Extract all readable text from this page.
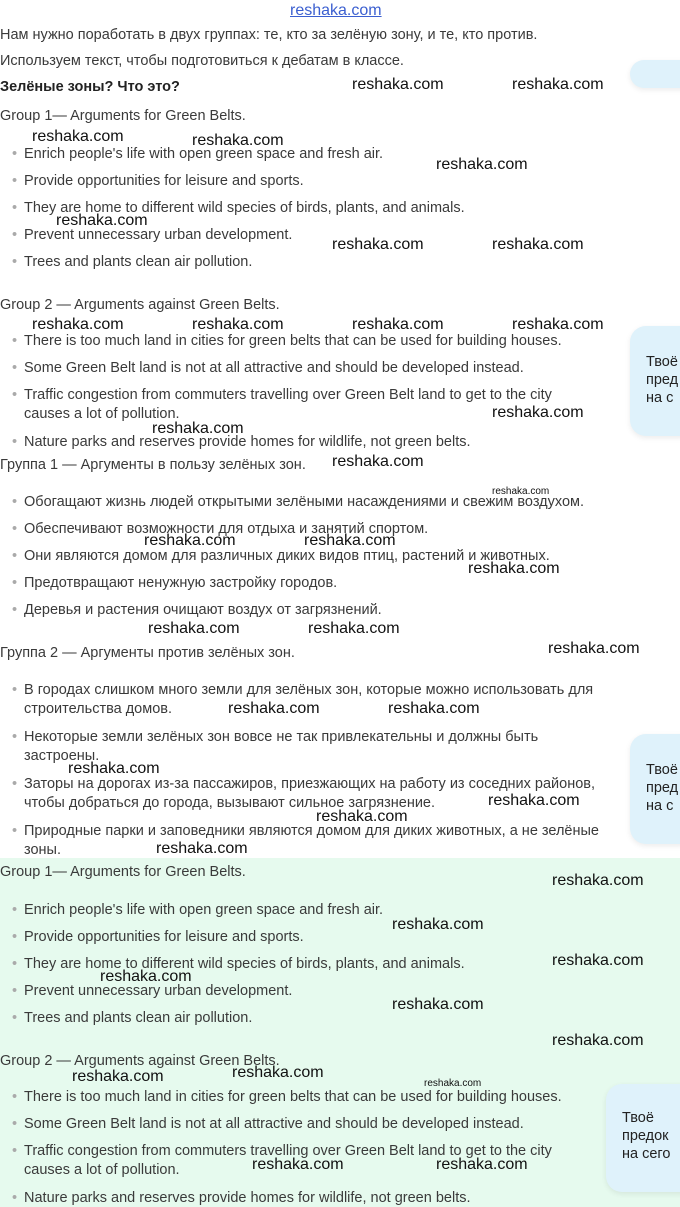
reshaka.com
Нам нужно поработать в двух группах: те, кто за зелёную зону, и те, кто против.
Используем текст, чтобы подготовиться к дебатам в классе.
Зелёные зоны? Что это?
Твоё
пред
на с
Твоё
пред
на с
Group 1— Arguments for Green Belts.
Enrich people's life with open green space and fresh air.
Provide opportunities for leisure and sports.
They are home to different wild species of birds, plants, and animals.
Prevent unnecessary urban development.
Trees and plants clean air pollution.
Group 2 — Arguments against Green Belts.
There is too much land in cities for green belts that can be used for building houses.
Some Green Belt land is not at all attractive and should be developed instead.
Traffic congestion from commuters travelling over Green Belt land to get to the city
causes a lot of pollution.
Nature parks and reserves provide homes for wildlife, not green belts.
Группа 1 — Аргументы в пользу зелёных зон.
Обогащают жизнь людей открытыми зелёными насаждениями и свежим воздухом.
Обеспечивают возможности для отдыха и занятий спортом.
Они являются домом для различных диких видов птиц, растений и животных.
Предотвращают ненужную застройку городов.
Деревья и растения очищают воздух от загрязнений.
Группа 2 — Аргументы против зелёных зон.
В городах слишком много земли для зелёных зон, которые можно использовать для
строительства домов.
Некоторые земли зелёных зон вовсе не так привлекательны и должны быть
застроены.
Заторы на дорогах из-за пассажиров, приезжающих на работу из соседних районов,
чтобы добраться до города, вызывают сильное загрязнение.
Природные парки и заповедники являются домом для диких животных, а не зелёные
зоны.
Group 1— Arguments for Green Belts.
Enrich people's life with open green space and fresh air.
Provide opportunities for leisure and sports.
They are home to different wild species of birds, plants, and animals.
Prevent unnecessary urban development.
Trees and plants clean air pollution.
Group 2 — Arguments against Green Belts.
There is too much land in cities for green belts that can be used for building houses.
Some Green Belt land is not at all attractive and should be developed instead.
Traffic congestion from commuters travelling over Green Belt land to get to the city
causes a lot of pollution.
Nature parks and reserves provide homes for wildlife, not green belts.
Твоё
предок
на сего
reshaka.com	reshaka.com
reshaka.com	reshaka.com
reshaka.com
reshaka.com
reshaka.com	reshaka.com
reshaka.com	reshaka.com	reshaka.com	reshaka.com
reshaka.com
reshaka.com
reshaka.com
reshaka.com
reshaka.com	reshaka.com
reshaka.com
reshaka.com	reshaka.com
reshaka.com
reshaka.com	reshaka.com
reshaka.com
reshaka.com
reshaka.com
reshaka.com
reshaka.com
reshaka.com
reshaka.com
reshaka.com
reshaka.com
reshaka.com
reshaka.com
reshaka.com	reshaka.com
reshaka.com	reshaka.com
